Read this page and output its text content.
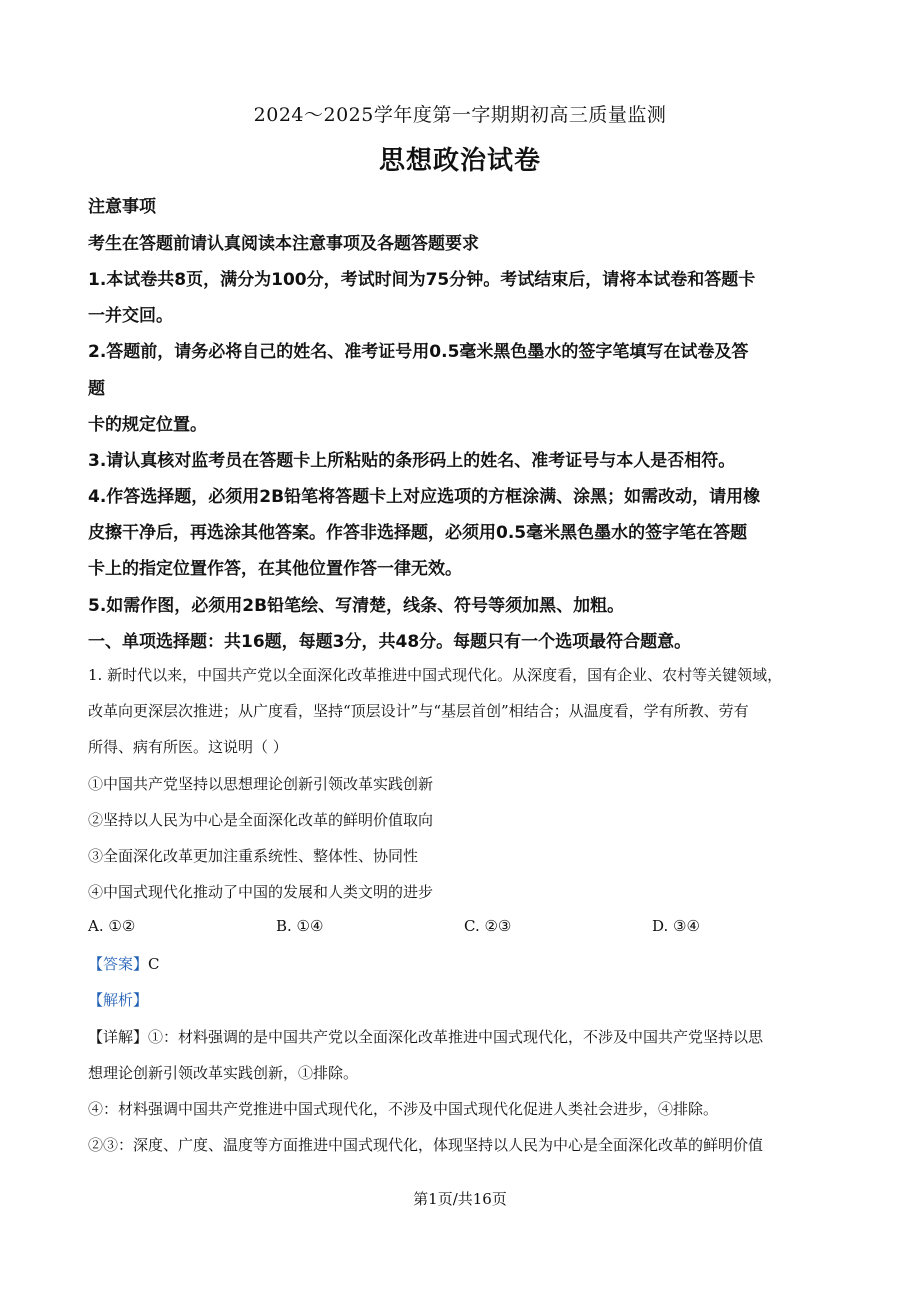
2024～2025学年度第一字期期初高三质量监测
思想政治试卷
注意事项
考生在答题前请认真阅读本注意事项及各题答题要求
1.本试卷共8页，满分为100分，考试时间为75分钟。考试结束后，请将本试卷和答题卡
一并交回。
2.答题前，请务必将自己的姓名、准考证号用0.5毫米黑色墨水的签字笔填写在试卷及答
题
卡的规定位置。
3.请认真核对监考员在答题卡上所粘贴的条形码上的姓名、准考证号与本人是否相符。
4.作答选择题，必须用2B铅笔将答题卡上对应选项的方框涂满、涂黑；如需改动，请用橡
皮擦干净后，再选涂其他答案。作答非选择题，必须用0.5毫米黑色墨水的签字笔在答题
卡上的指定位置作答，在其他位置作答一律无效。
5.如需作图，必须用2B铅笔绘、写清楚，线条、符号等须加黑、加粗。
一、单项选择题：共16题，每题3分，共48分。每题只有一个选项最符合题意。
1. 新时代以来，中国共产党以全面深化改革推进中国式现代化。从深度看，国有企业、农村等关键领域，
改革向更深层次推进；从广度看，坚持“顶层设计”与“基层首创”相结合；从温度看，学有所教、劳有
所得、病有所医。这说明（ ）
①中国共产党坚持以思想理论创新引领改革实践创新
②坚持以人民为中心是全面深化改革的鲜明价值取向
③全面深化改革更加注重系统性、整体性、协同性
④中国式现代化推动了中国的发展和人类文明的进步
A. ①②	B. ①④	C. ②③	D. ③④
【答案】C
【解析】
【详解】①：材料强调的是中国共产党以全面深化改革推进中国式现代化，不涉及中国共产党坚持以思
想理论创新引领改革实践创新，①排除。
④：材料强调中国共产党推进中国式现代化，不涉及中国式现代化促进人类社会进步，④排除。
②③：深度、广度、温度等方面推进中国式现代化，体现坚持以人民为中心是全面深化改革的鲜明价值
第1页/共16页
